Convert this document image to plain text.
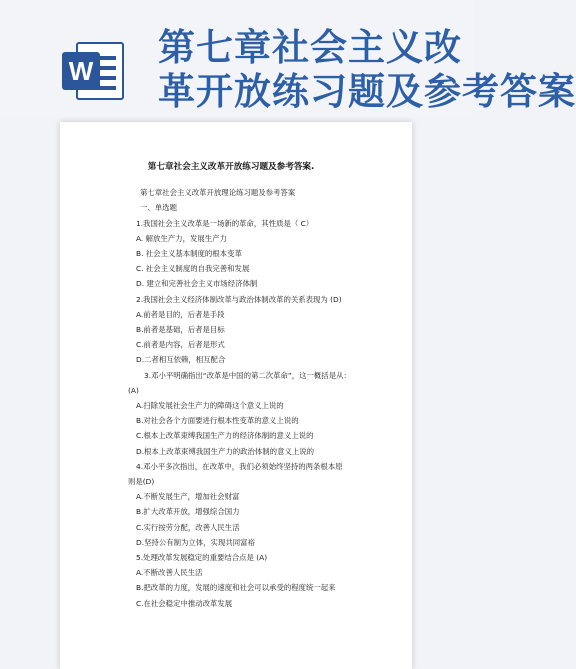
W
第七章社会主义改
革开放练习题及参考答案
第七章社会主义改革开放练习题及参考答案.
第七章社会主义改革开放理论练习题及参考答案
一、单选题
1.我国社会主义改革是一场新的革命，其性质是（ C）
A. 解放生产力，发展生产力
B. 社会主义基本制度的根本变革
C. 社会主义制度的自我完善和发展
D. 建立和完善社会主义市场经济体制
2.我国社会主义经济体制改革与政治体制改革的关系表现为 (D)
A.前者是目的，后者是手段
B.前者是基础，后者是目标
C.前者是内容，后者是形式
D.二者相互依赖，相互配合
3.邓小平明确指出“改革是中国的第二次革命”，这一概括是从：
(A)
A.扫除发展社会生产力的障碍这个意义上说的
B.对社会各个方面要进行根本性变革的意义上说的
C.根本上改革束缚我国生产力的经济体制的意义上说的
D.根本上改革束缚我国生产力的政治体制的意义上说的
4.邓小平多次指出，在改革中，我们必须始终坚持的两条根本原
则是(D)
A.不断发展生产，增加社会财富
B.扩大改革开放，增强综合国力
C.实行按劳分配，改善人民生活
D.坚持公有制为立体，实现共同富裕
5.处理改革发展稳定的重要结合点是 (A)
A.不断改善人民生活
B.把改革的力度，发展的速度和社会可以承受的程度统一起来
C.在社会稳定中推动改革发展
